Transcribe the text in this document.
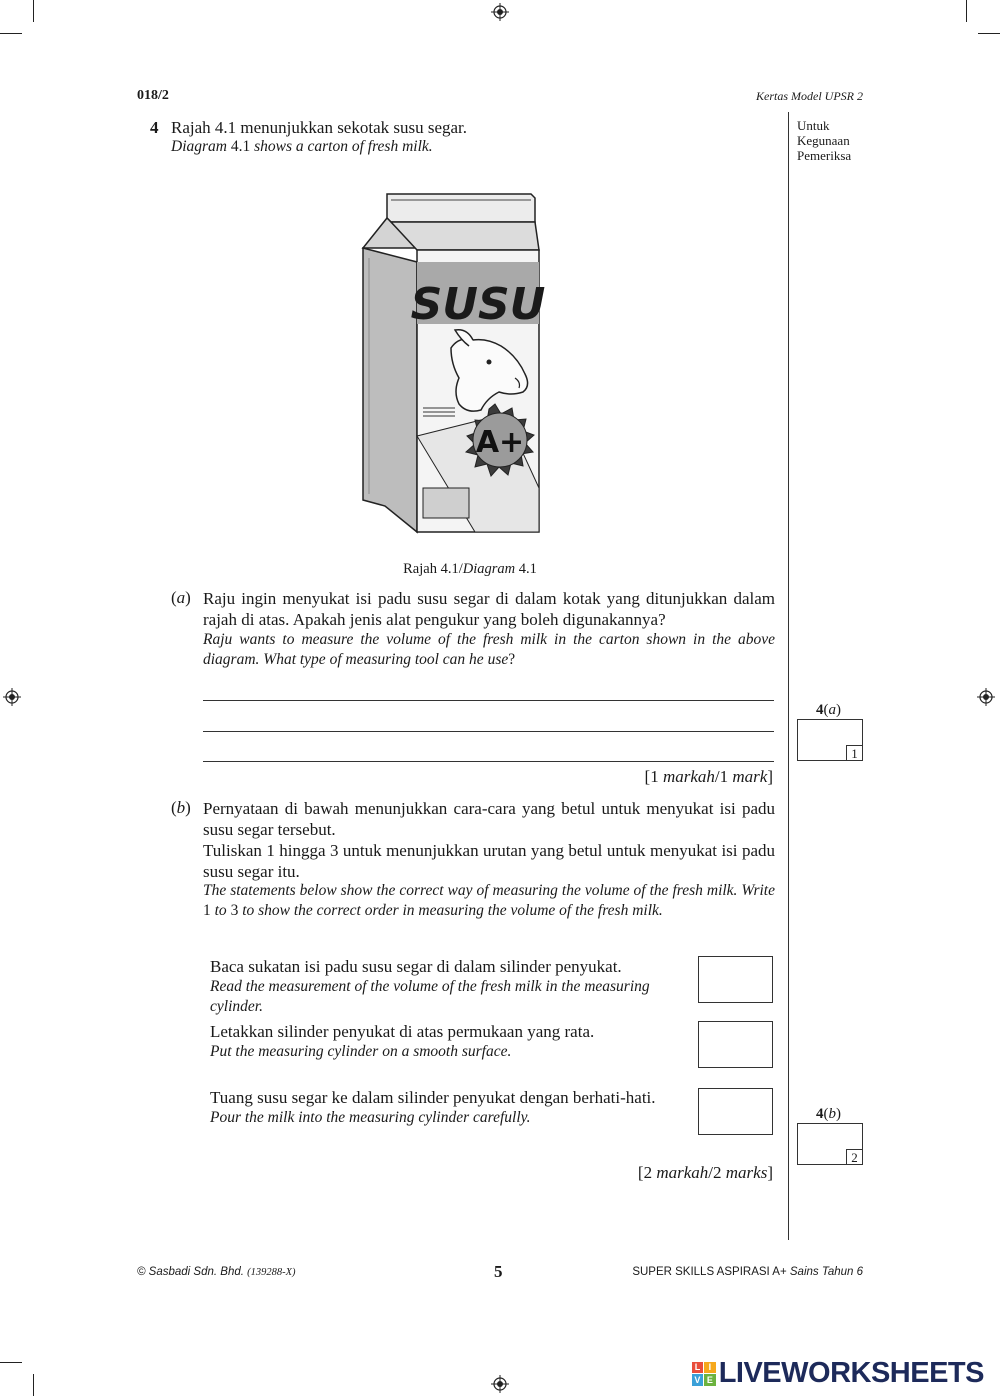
018/2	Kertas Model UPSR 2
Untuk
Kegunaan
Pemeriksa
4 Rajah 4.1 menunjukkan sekotak susu segar.
Diagram 4.1 shows a carton of fresh milk.
SUSU
A+
Rajah 4.1/Diagram 4.1
(a) Raju ingin menyukat isi padu susu segar di dalam kotak yang ditunjukkan dalam rajah di atas. Apakah jenis alat pengukur yang boleh digunakannya?
Raju wants to measure the volume of the fresh milk in the carton shown in the above diagram. What type of measuring tool can he use?
[1 markah/1 mark]
4(a)
1
(b) Pernyataan di bawah menunjukkan cara-cara yang betul untuk menyukat isi padu susu segar tersebut.
Tuliskan 1 hingga 3 untuk menunjukkan urutan yang betul untuk menyukat isi padu susu segar itu.
The statements below show the correct way of measuring the volume of the fresh milk. Write 1 to 3 to show the correct order in measuring the volume of the fresh milk.
Baca sukatan isi padu susu segar di dalam silinder penyukat.
Read the measurement of the volume of the fresh milk in the measuring cylinder.
Letakkan silinder penyukat di atas permukaan yang rata.
Put the measuring cylinder on a smooth surface.
Tuang susu segar ke dalam silinder penyukat dengan berhati-hati.
Pour the milk into the measuring cylinder carefully.
[2 markah/2 marks]
4(b)
2
© Sasbadi Sdn. Bhd. (139288-X)	5	SUPER SKILLS ASPIRASI A+ Sains Tahun 6
L I
V E LIVEWORKSHEETS
